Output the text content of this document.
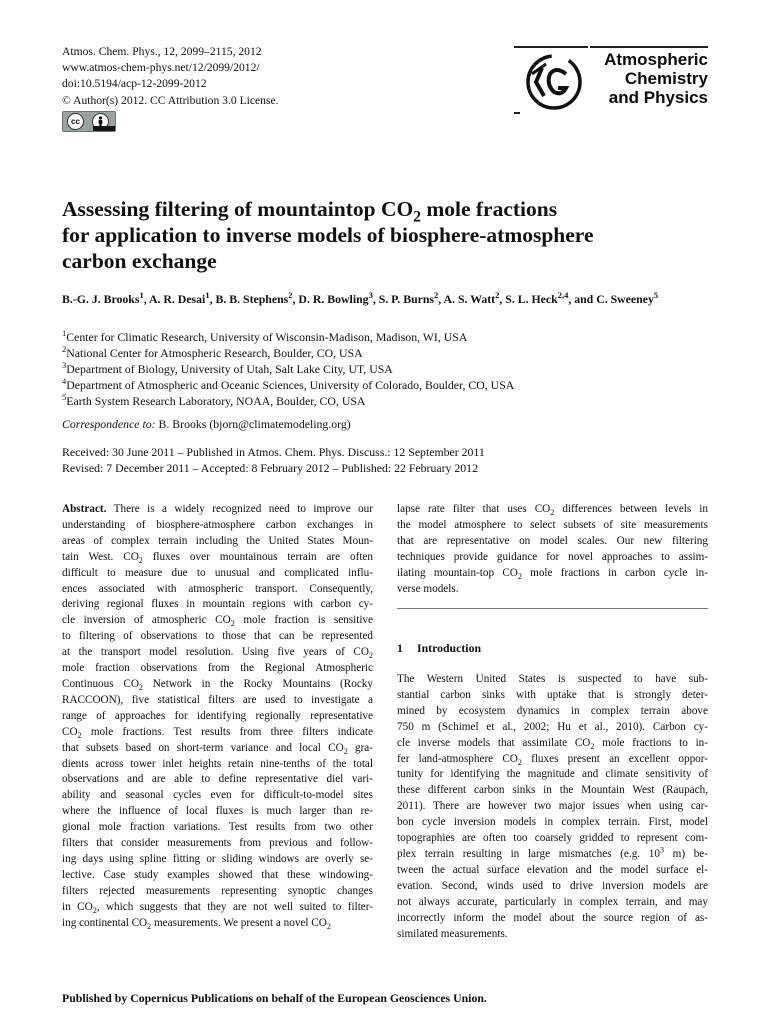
Atmos. Chem. Phys., 12, 2099–2115, 2012
www.atmos-chem-phys.net/12/2099/2012/
doi:10.5194/acp-12-2099-2012
© Author(s) 2012. CC Attribution 3.0 License.
cc
Atmospheric
Chemistry
and Physics
Assessing filtering of mountaintop $CO_2$ mole fractions
for application to inverse models of biosphere-atmosphere
carbon exchange
B.-G. J. Brooks$^1$, A. R. Desai$^1$, B. B. Stephens$^2$, D. R. Bowling$^3$, S. P. Burns$^2$, A. S. Watt$^2$, S. L. Heck$^{2,4}$, and C. Sweeney$^5$
$^1$Center for Climatic Research, University of Wisconsin-Madison, Madison, WI, USA
$^2$National Center for Atmospheric Research, Boulder, CO, USA
$^3$Department of Biology, University of Utah, Salt Lake City, UT, USA
$^4$Department of Atmospheric and Oceanic Sciences, University of Colorado, Boulder, CO, USA
$^5$Earth System Research Laboratory, NOAA, Boulder, CO, USA
Correspondence to: B. Brooks (bjorn@climatemodeling.org)
Received: 30 June 2011 – Published in Atmos. Chem. Phys. Discuss.: 12 September 2011
Revised: 7 December 2011 – Accepted: 8 February 2012 – Published: 22 February 2012
Abstract. There is a widely recognized need to improve our
understanding of biosphere-atmosphere carbon exchanges in
areas of complex terrain including the United States Moun-
tain West. $CO_2$ fluxes over mountainous terrain are often
difficult to measure due to unusual and complicated influ-
ences associated with atmospheric transport. Consequently,
deriving regional fluxes in mountain regions with carbon cy-
cle inversion of atmospheric $CO_2$ mole fraction is sensitive
to filtering of observations to those that can be represented
at the transport model resolution. Using five years of $CO_2$
mole fraction observations from the Regional Atmospheric
Continuous $CO_2$ Network in the Rocky Mountains (Rocky
RACCOON), five statistical filters are used to investigate a
range of approaches for identifying regionally representative
$CO_2$ mole fractions. Test results from three filters indicate
that subsets based on short-term variance and local $CO_2$ gra-
dients across tower inlet heights retain nine-tenths of the total
observations and are able to define representative diel vari-
ability and seasonal cycles even for difficult-to-model sites
where the influence of local fluxes is much larger than re-
gional mole fraction variations. Test results from two other
filters that consider measurements from previous and follow-
ing days using spline fitting or sliding windows are overly se-
lective. Case study examples showed that these windowing-
filters rejected measurements representing synoptic changes
in $CO_2$, which suggests that they are not well suited to filter-
ing continental $CO_2$ measurements. We present a novel $CO_2$
lapse rate filter that uses $CO_2$ differences between levels in
the model atmosphere to select subsets of site measurements
that are representative on model scales. Our new filtering
techniques provide guidance for novel approaches to assim-
ilating mountain-top $CO_2$ mole fractions in carbon cycle in-
verse models.
1 Introduction
The Western United States is suspected to have sub-
stantial carbon sinks with uptake that is strongly deter-
mined by ecosystem dynamics in complex terrain above
750 m (Schimel et al., 2002; Hu et al., 2010). Carbon cy-
cle inverse models that assimilate $CO_2$ mole fractions to in-
fer land-atmosphere $CO_2$ fluxes present an excellent oppor-
tunity for identifying the magnitude and climate sensitivity of
these different carbon sinks in the Mountain West (Raupach,
2011). There are however two major issues when using car-
bon cycle inversion models in complex terrain. First, model
topographies are often too coarsely gridded to represent com-
plex terrain resulting in large mismatches (e.g. $10^3$ m) be-
tween the actual surface elevation and the model surface el-
evation. Second, winds used to drive inversion models are
not always accurate, particularly in complex terrain, and may
incorrectly inform the model about the source region of as-
similated measurements.
Published by Copernicus Publications on behalf of the European Geosciences Union.
